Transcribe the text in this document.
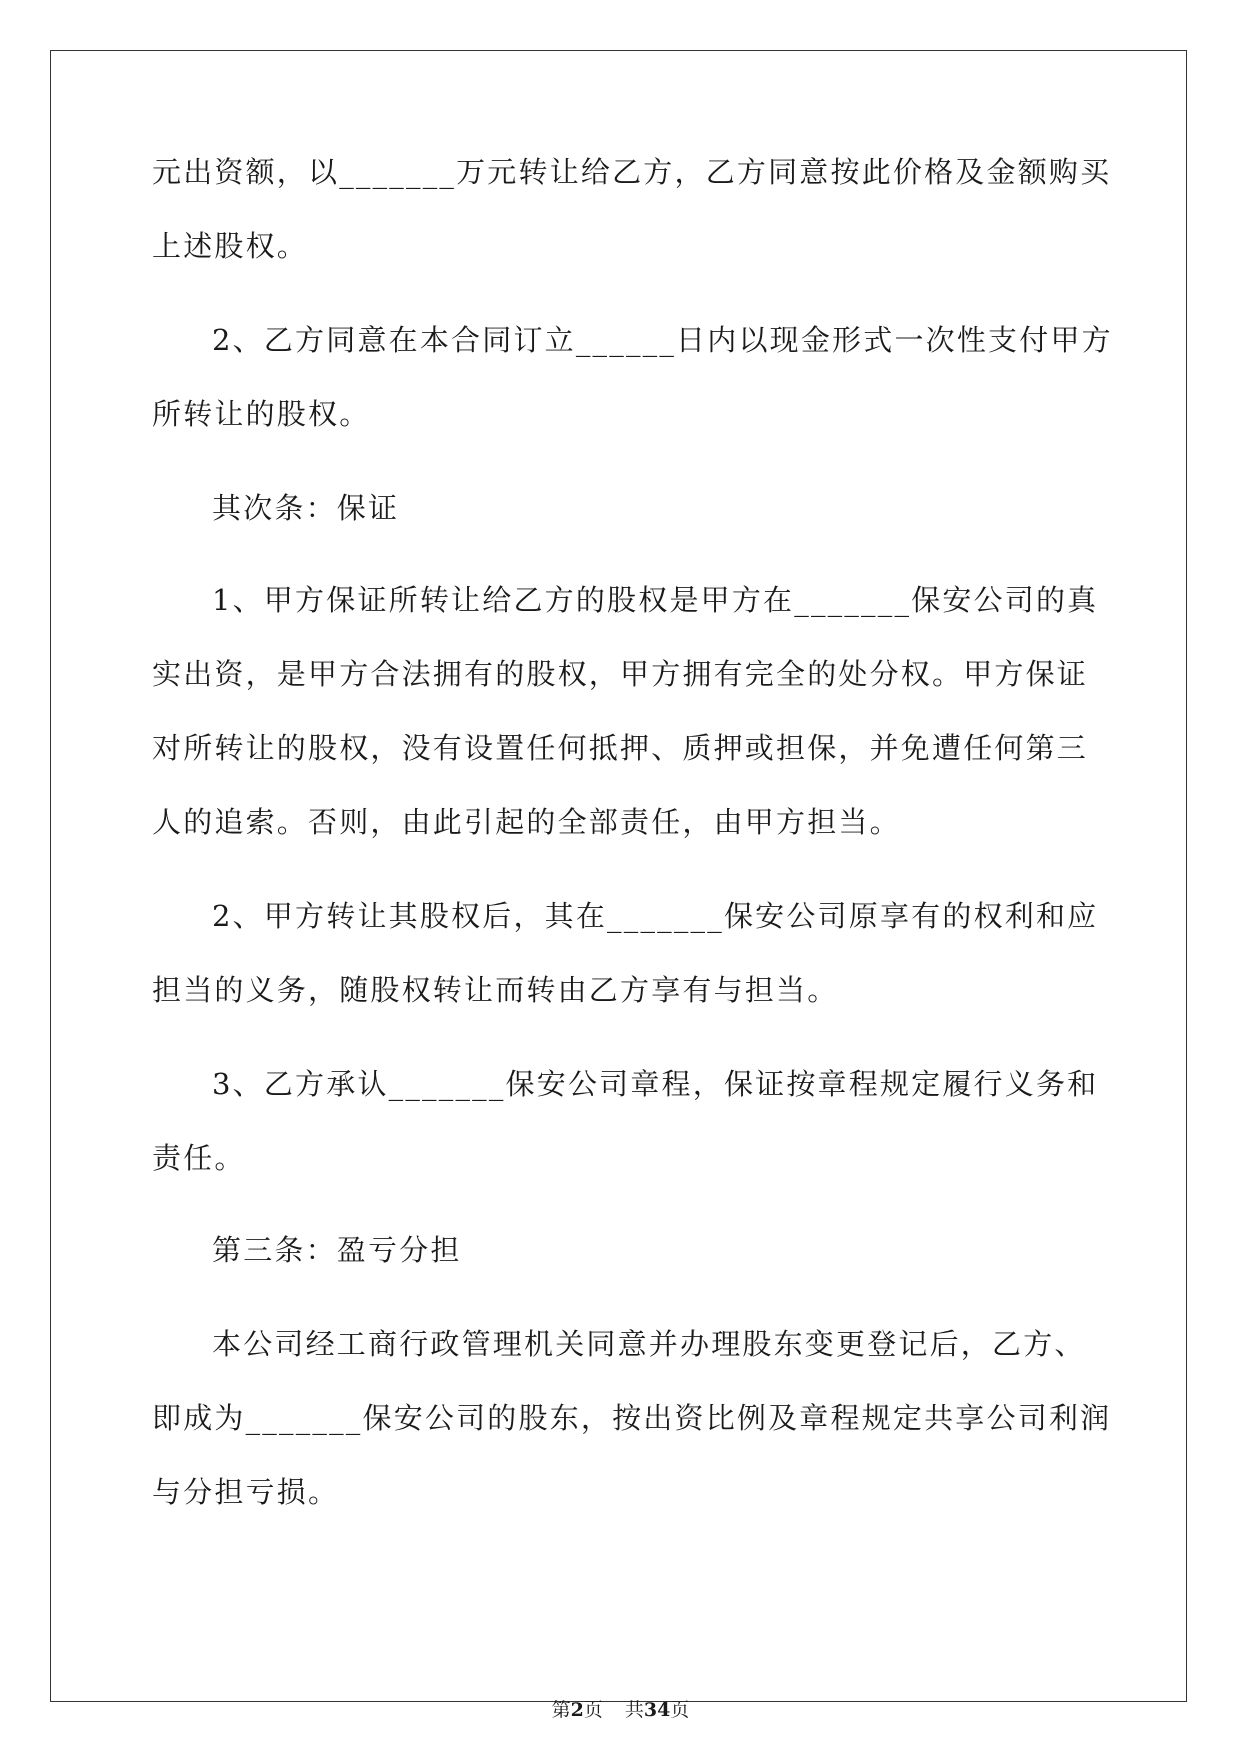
元出资额，以_______万元转让给乙方，乙方同意按此价格及金额购买
上述股权。
2、乙方同意在本合同订立______日内以现金形式一次性支付甲方
所转让的股权。
其次条：保证
1、甲方保证所转让给乙方的股权是甲方在_______保安公司的真
实出资，是甲方合法拥有的股权，甲方拥有完全的处分权。甲方保证
对所转让的股权，没有设置任何抵押、质押或担保，并免遭任何第三
人的追索。否则，由此引起的全部责任，由甲方担当。
2、甲方转让其股权后，其在_______保安公司原享有的权利和应
担当的义务，随股权转让而转由乙方享有与担当。
3、乙方承认_______保安公司章程，保证按章程规定履行义务和
责任。
第三条：盈亏分担
本公司经工商行政管理机关同意并办理股东变更登记后，乙方、
即成为_______保安公司的股东，按出资比例及章程规定共享公司利润
与分担亏损。
第2页 共34页
